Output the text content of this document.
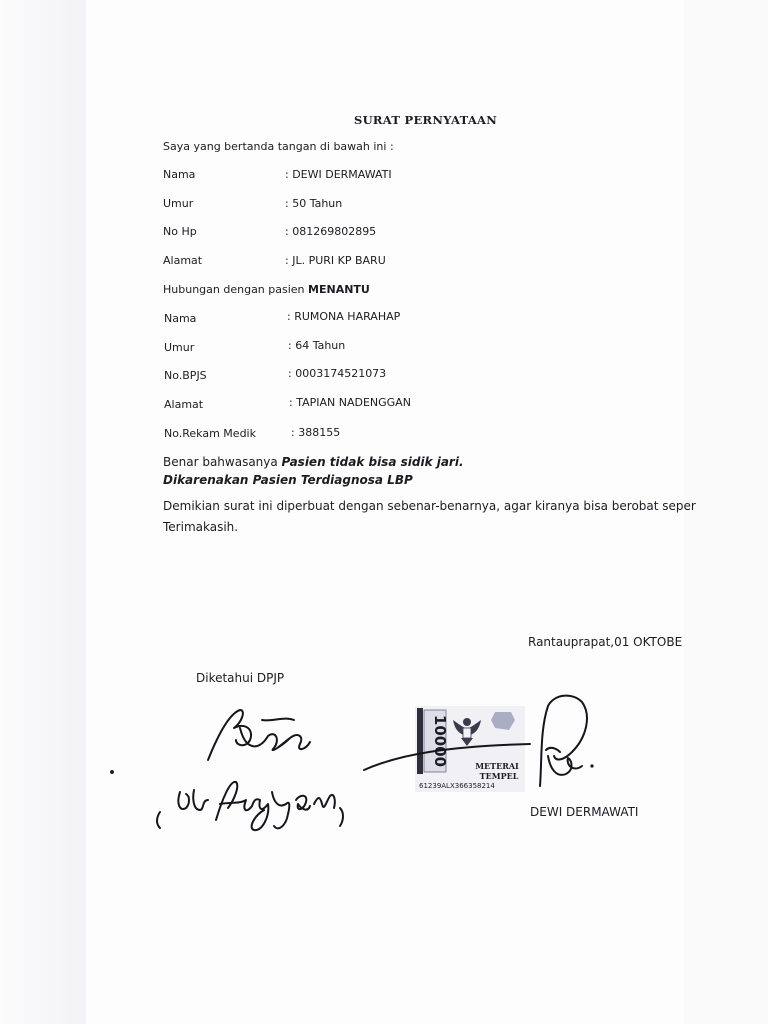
SURAT PERNYATAAN
Saya yang bertanda tangan di bawah ini :
Nama	: DEWI DERMAWATI
Umur	: 50 Tahun
No Hp	: 081269802895
Alamat	: JL. PURI KP BARU
Hubungan dengan pasien MENANTU
Nama	: RUMONA HARAHAP
Umur	: 64 Tahun
No.BPJS	: 0003174521073
Alamat	: TAPIAN NADENGGAN
No.Rekam Medik	: 388155
Benar bahwasanya Pasien tidak bisa sidik jari.
Dikarenakan Pasien Terdiagnosa LBP
Demikian surat ini diperbuat dengan sebenar-benarnya, agar kiranya bisa berobat seper
Terimakasih.
Rantauprapat,01 OKTOBE
Diketahui DPJP
10000	METERAI
TEMPEL
61239ALX366358214
DEWI DERMAWATI
